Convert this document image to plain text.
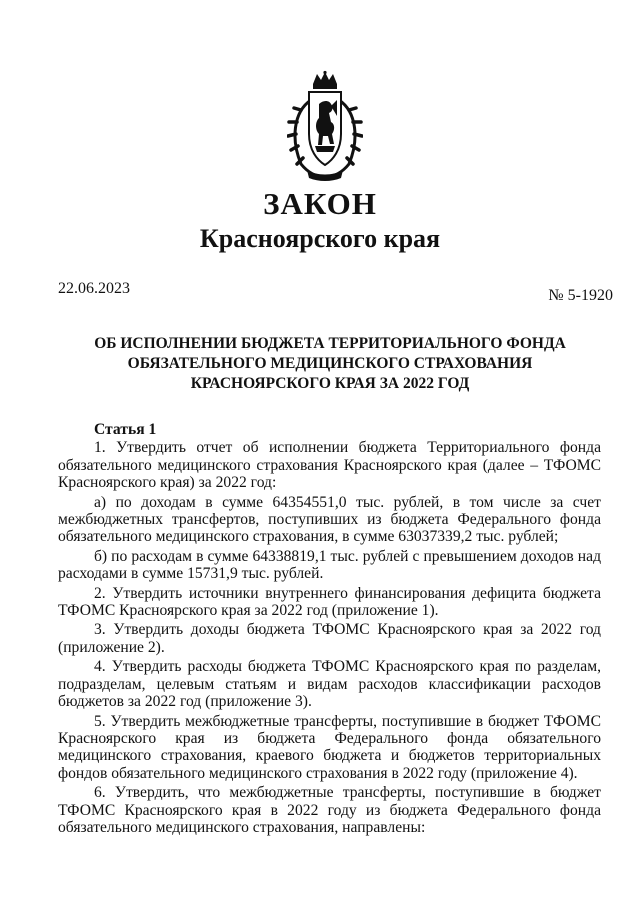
ЗАКОН
Красноярского края
22.06.2023	№ 5-1920
ОБ ИСПОЛНЕНИИ БЮДЖЕТА ТЕРРИТОРИАЛЬНОГО ФОНДА
ОБЯЗАТЕЛЬНОГО МЕДИЦИНСКОГО СТРАХОВАНИЯ
КРАСНОЯРСКОГО КРАЯ ЗА 2022 ГОД

Статья 1

1. Утвердить отчет об исполнении бюджета Территориального фонда обязательного медицинского страхования Красноярского края (далее – ТФОМС Красноярского края) за 2022 год:

а) по доходам в сумме 64354551,0 тыс. рублей, в том числе за счет межбюджетных трансфертов, поступивших из бюджета Федерального фонда обязательного медицинского страхования, в сумме 63037339,2 тыс. рублей;

б) по расходам в сумме 64338819,1 тыс. рублей с превышением доходов над расходами в сумме 15731,9 тыс. рублей.

2. Утвердить источники внутреннего финансирования дефицита бюджета ТФОМС Красноярского края за 2022 год (приложение 1).

3. Утвердить доходы бюджета ТФОМС Красноярского края за 2022 год (приложение 2).

4. Утвердить расходы бюджета ТФОМС Красноярского края по разделам, подразделам, целевым статьям и видам расходов классификации расходов бюджетов за 2022 год (приложение 3).

5. Утвердить межбюджетные трансферты, поступившие в бюджет ТФОМС Красноярского края из бюджета Федерального фонда обязательного медицинского страхования, краевого бюджета и бюджетов территориальных фондов обязательного медицинского страхования в 2022 году (приложение 4).

6. Утвердить, что межбюджетные трансферты, поступившие в бюджет ТФОМС Красноярского края в 2022 году из бюджета Федерального фонда обязательного медицинского страхования, направлены:
